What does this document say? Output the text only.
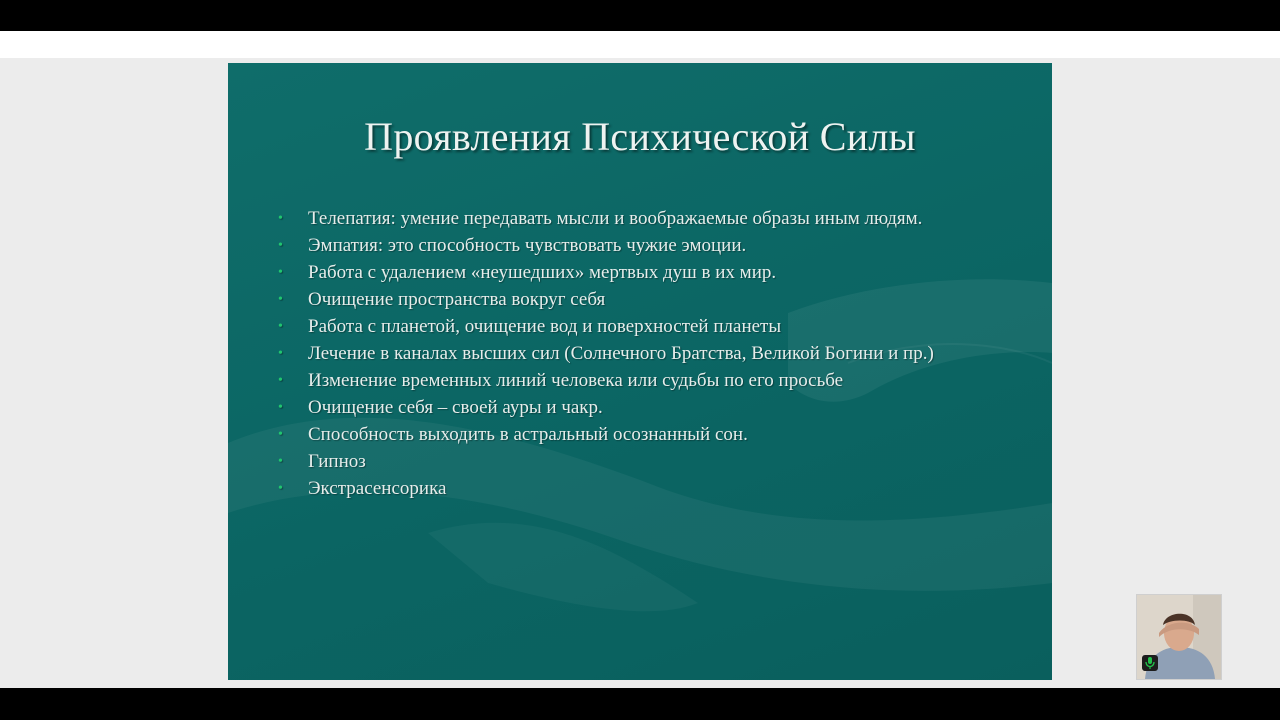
Проявления Психической Силы
• Телепатия: умение передавать мысли и воображаемые образы иным людям.
• Эмпатия: это способность чувствовать чужие эмоции.
• Работа с удалением «неушедших» мертвых душ в их мир.
• Очищение пространства вокруг себя
• Работа с планетой, очищение вод и поверхностей планеты
• Лечение в каналах высших сил (Солнечного Братства, Великой Богини и пр.)
• Изменение временных линий человека или судьбы по его просьбе
• Очищение себя – своей ауры и чакр.
• Способность выходить в астральный осознанный сон.
• Гипноз
• Экстрасенсорика
